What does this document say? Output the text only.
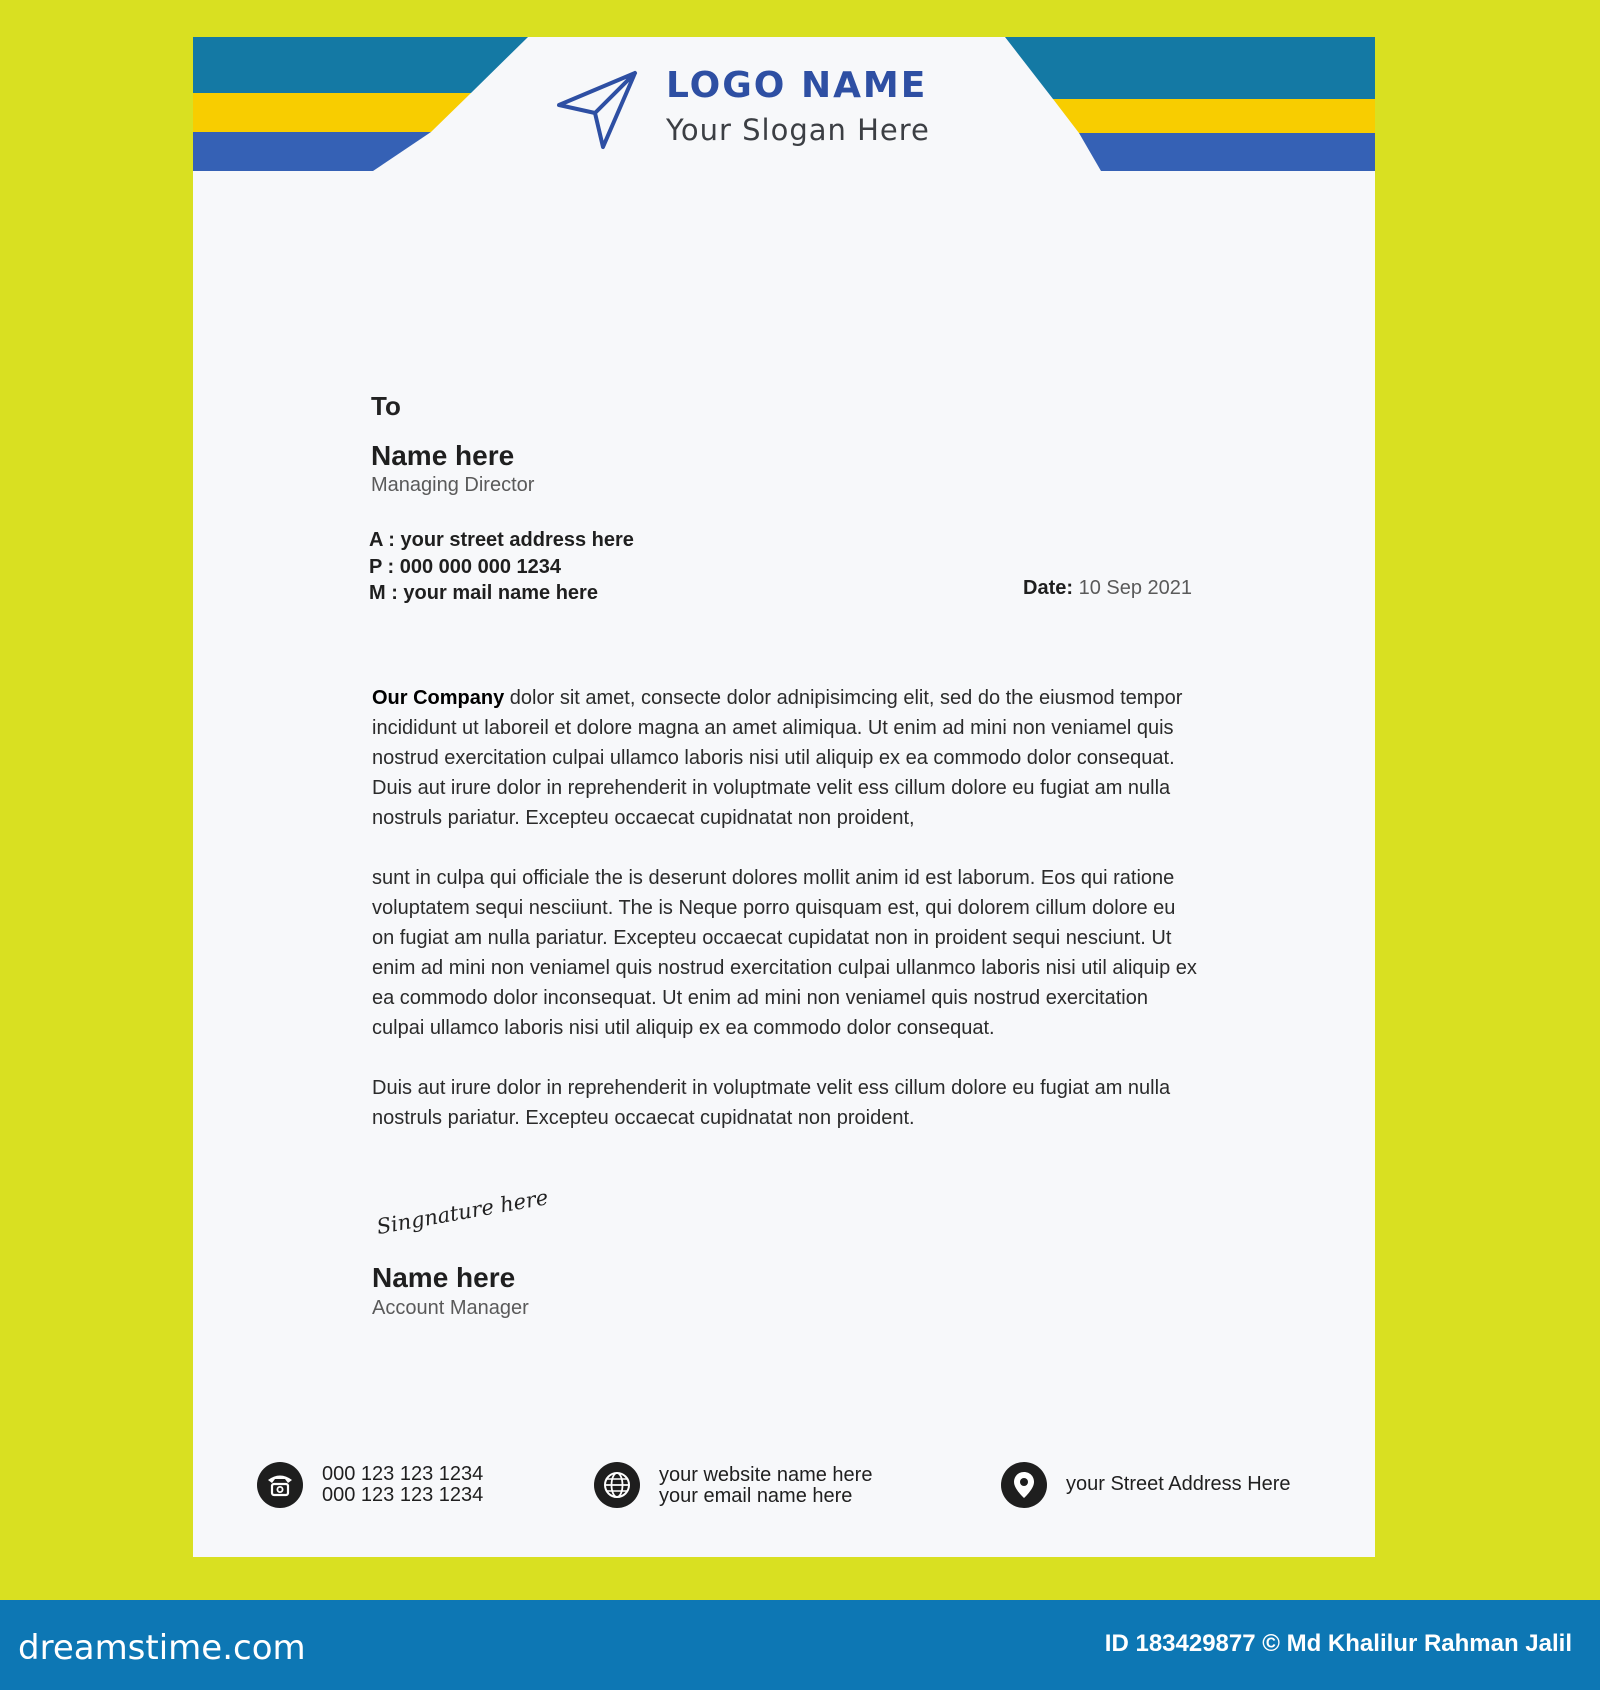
LOGO NAME
Your Slogan Here
To
Name here
Managing Director
A : your street address here
P : 000 000 000 1234
M : your mail name here	Date: 10 Sep 2021

Our Company dolor sit amet, consecte dolor adnipisimcing elit, sed do the eiusmod tempor incididunt ut laboreil et dolore magna an amet alimiqua. Ut enim ad mini non veniamel quis nostrud exercitation culpai ullamco laboris nisi util aliquip ex ea commodo dolor consequat. Duis aut irure dolor in reprehenderit in voluptmate velit ess cillum dolore eu fugiat am nulla nostruls pariatur. Excepteu occaecat cupidnatat non proident,

sunt in culpa qui officiale the is deserunt dolores mollit anim id est laborum. Eos qui ratione voluptatem sequi nesciiunt. The is Neque porro quisquam est, qui dolorem cillum dolore eu on fugiat am nulla pariatur. Excepteu occaecat cupidatat non in proident sequi nesciunt. Ut enim ad mini non veniamel quis nostrud exercitation culpai ullanmco laboris nisi util aliquip ex ea commodo dolor inconsequat. Ut enim ad mini non veniamel quis nostrud exercitation culpai ullamco laboris nisi util aliquip ex ea commodo dolor consequat.

Duis aut irure dolor in reprehenderit in voluptmate velit ess cillum dolore eu fugiat am nulla nostruls pariatur. Excepteu occaecat cupidnatat non proident.

Singnature here
Name here
Account Manager
000 123 123 1234
000 123 123 1234
your website name here
your email name here
your Street Address Here
dreamstime.com	ID 183429877 © Md Khalilur Rahman Jalil
